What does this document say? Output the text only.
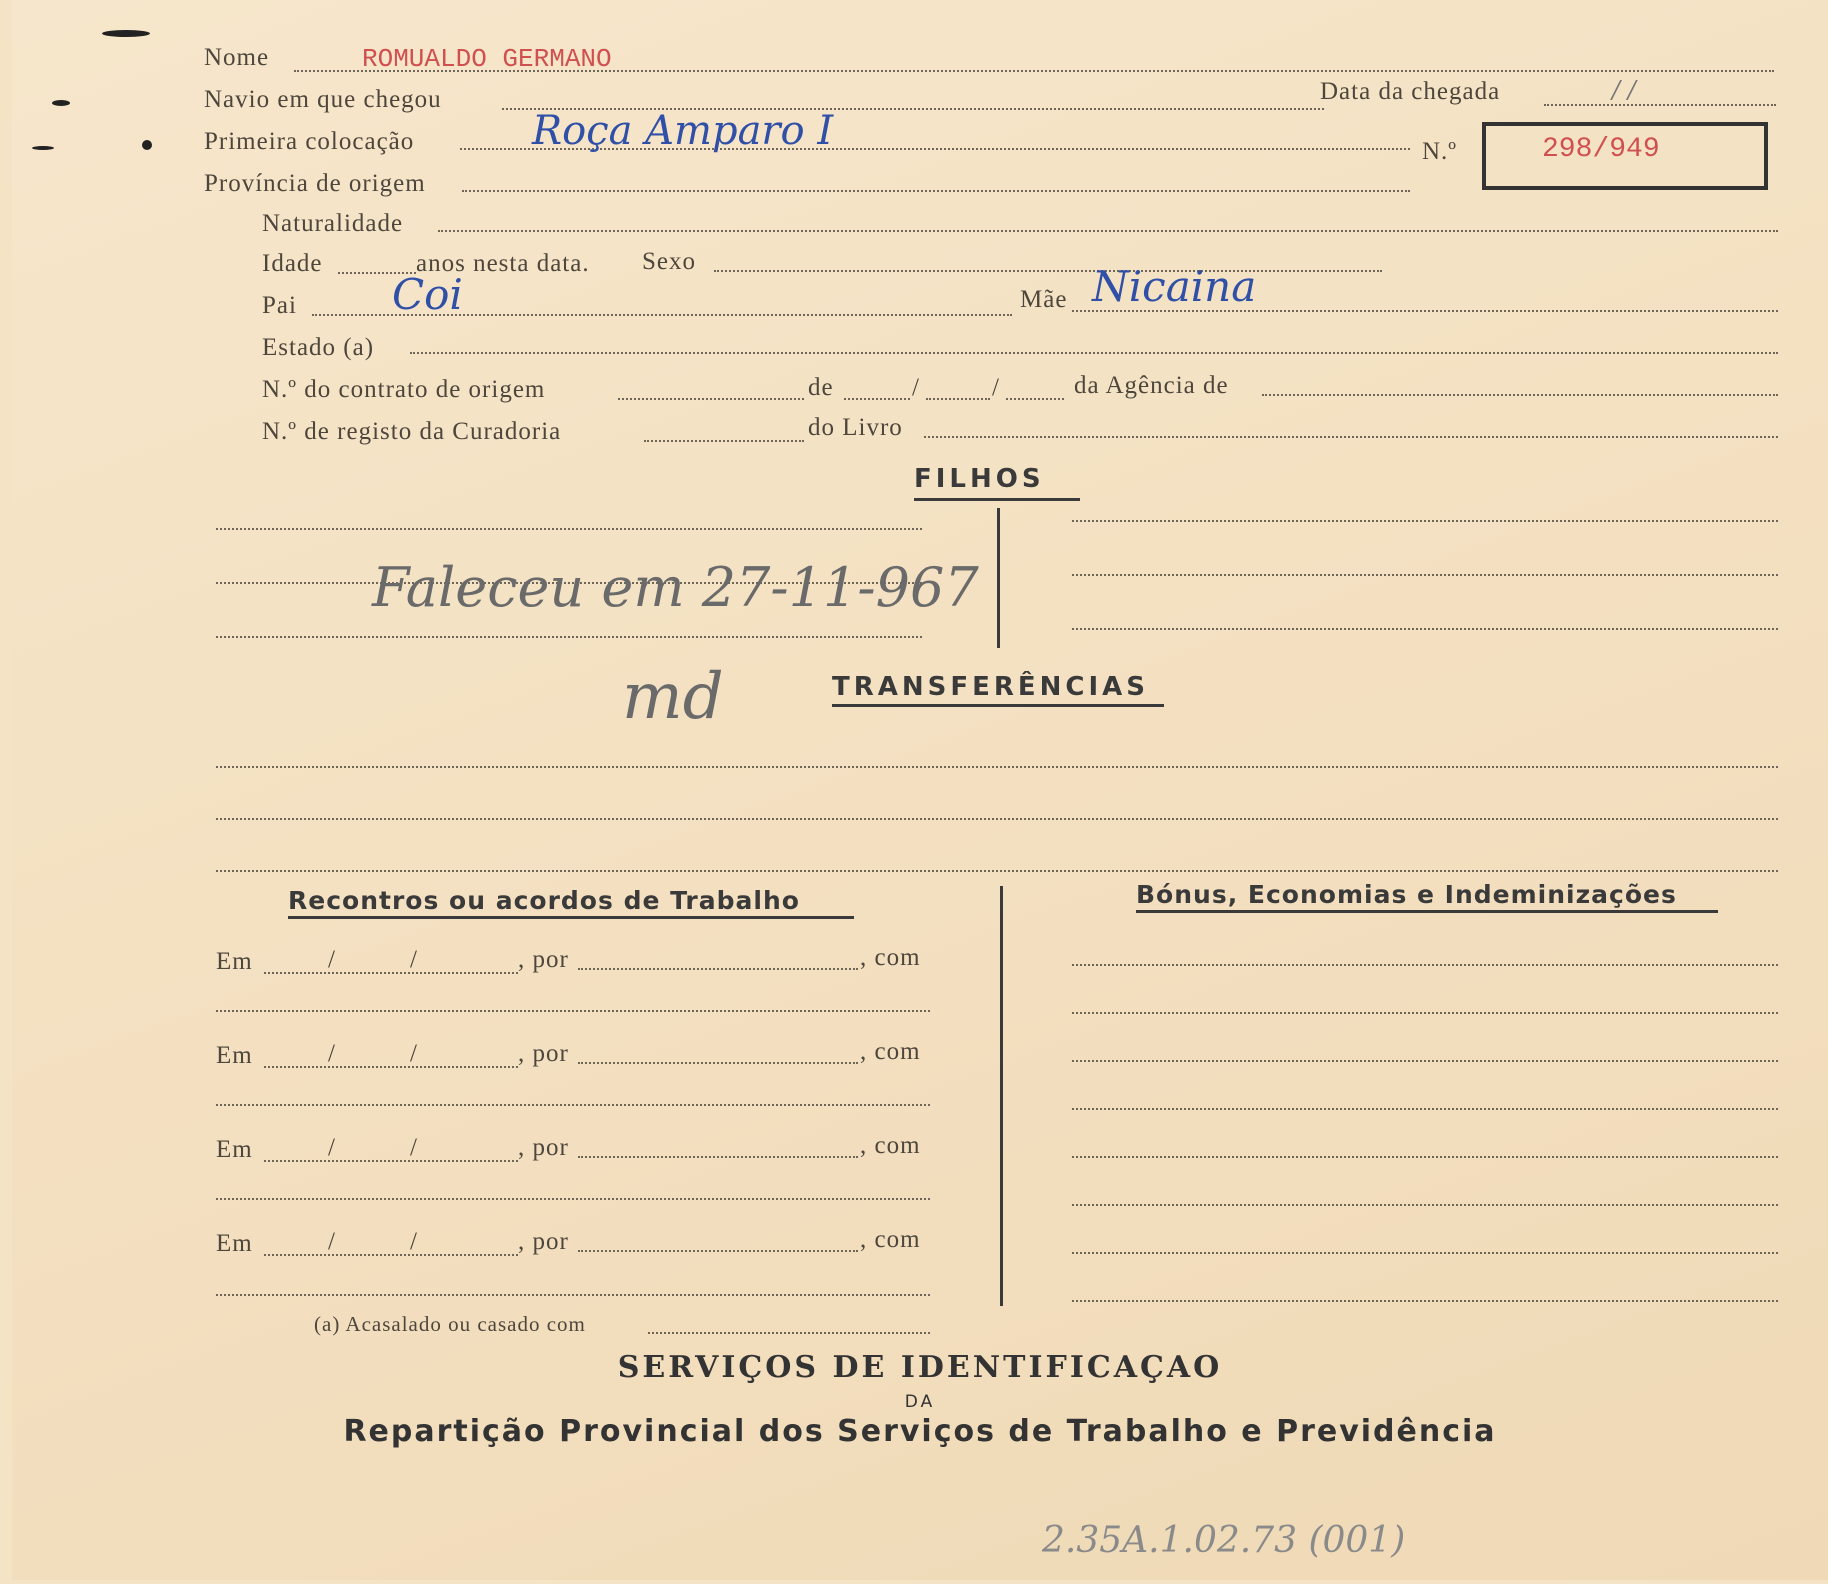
Nome	ROMUALDO GERMANO
Navio em que chegou	Data da chegada	/ /
Primeira colocação	Roça Amparo I	N.º	298/949
Província de origem
Naturalidade
Idade	anos nesta data. Sexo
Pai Coi	Mãe Nicaina
Estado (a)
N.º do contrato de origem	de	/	/	da Agência de
N.º de registo da Curadoria	do Livro
FILHOS
Faleceu em 27-11-967
TRANSFERÊNCIAS
md
Recontros ou acordos de Trabalho	Bónus, Economias e Indeminizações
Em	/	/	, por	, com
Em	/	/	, por	, com
Em	/	/	, por	, com
Em	/	/	, por	, com
(a) Acasalado ou casado com
SERVIÇOS DE IDENTIFICAÇAO
DA
Repartição Provincial dos Serviços de Trabalho e Previdência
2.35A.1.02.73 (001)
